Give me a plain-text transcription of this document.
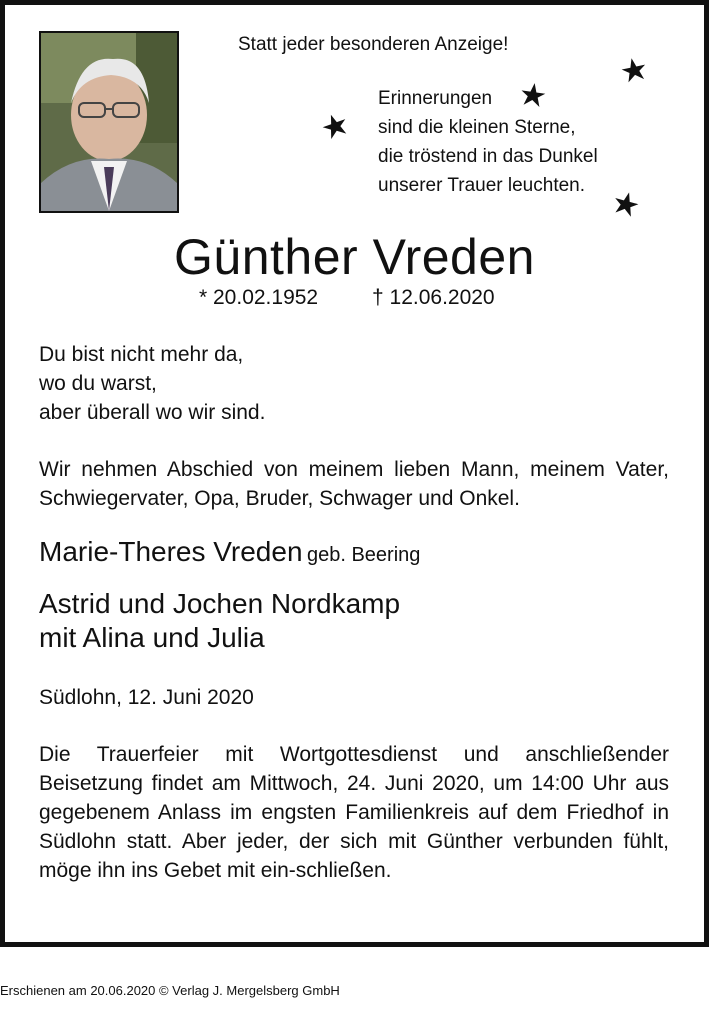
Statt jeder besonderen Anzeige!
Erinnerungen
sind die kleinen Sterne,
die tröstend in das Dunkel
unserer Trauer leuchten.
Günther Vreden
* 20.02.1952	† 12.06.2020
Du bist nicht mehr da,
wo du warst,
aber überall wo wir sind.
Wir nehmen Abschied von meinem lieben Mann, meinem Vater, Schwiegervater, Opa, Bruder, Schwager und Onkel.
Marie-Theres Vreden geb. Beering
Astrid und Jochen Nordkamp
mit Alina und Julia
Südlohn, 12. Juni 2020
Die Trauerfeier mit Wortgottesdienst und anschließender Beisetzung findet am Mittwoch, 24. Juni 2020, um 14:00 Uhr aus gegebenem Anlass im engsten Familienkreis auf dem Friedhof in Südlohn statt. Aber jeder, der sich mit Günther verbunden fühlt, möge ihn ins Gebet mit ein-schließen.
Erschienen am 20.06.2020 © Verlag J. Mergelsberg GmbH
